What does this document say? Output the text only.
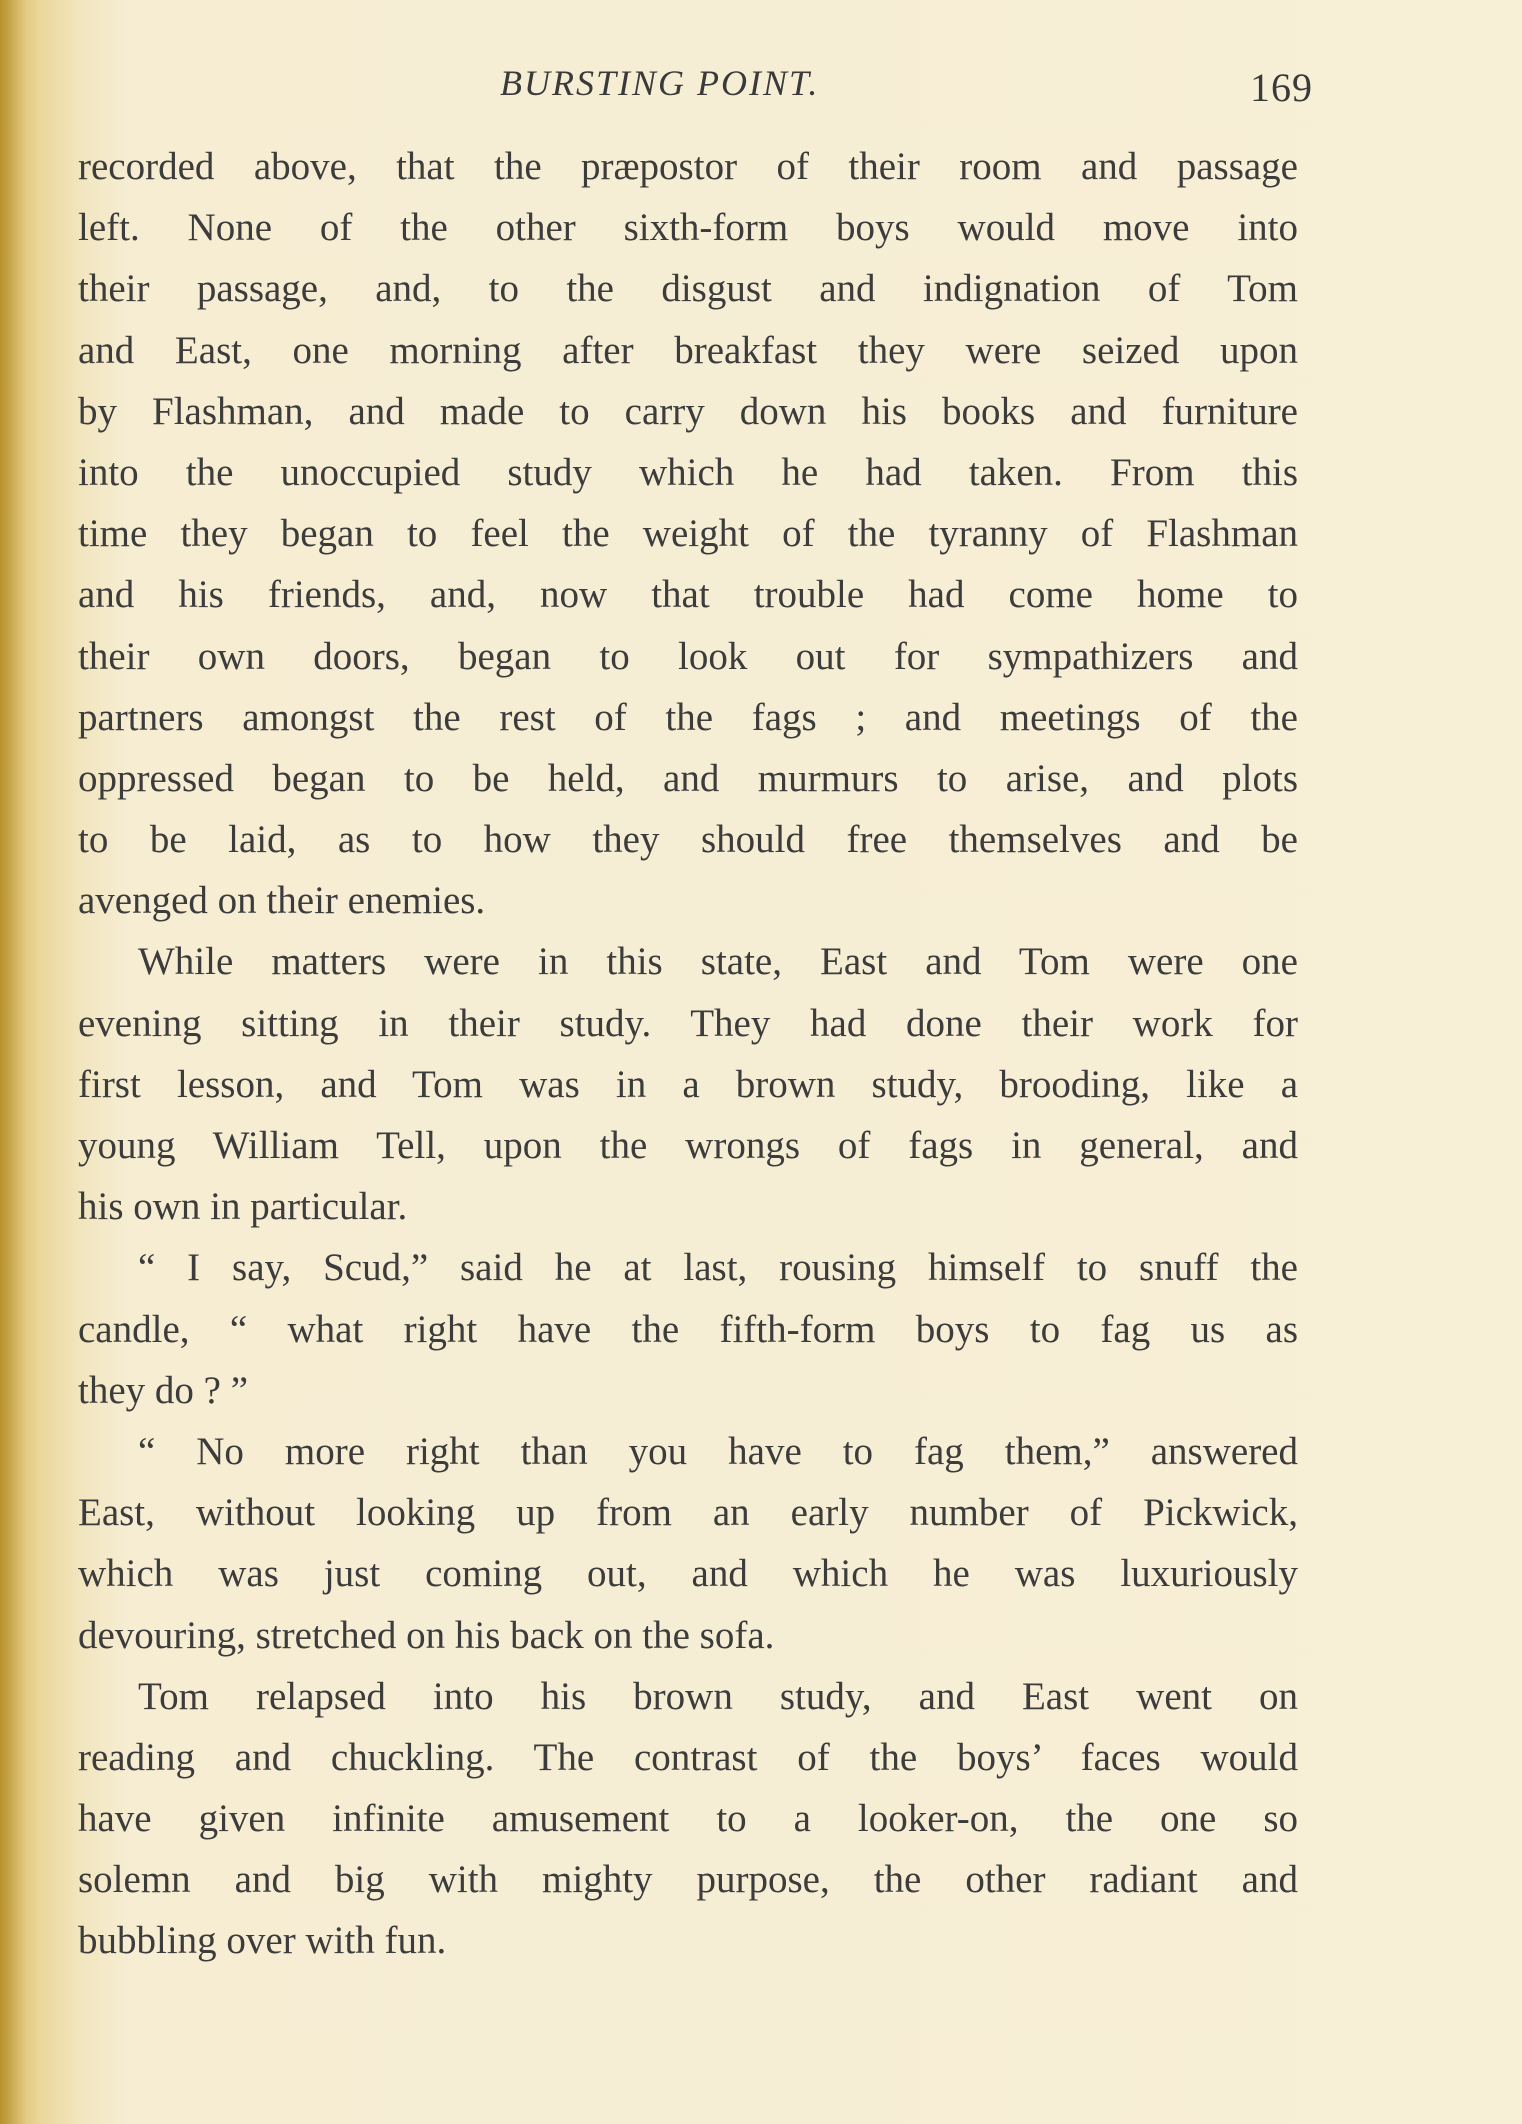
BURSTING POINT.	169
recorded above, that the præpostor of their room and passage
left. None of the other sixth-form boys would move into
their passage, and, to the disgust and indignation of Tom
and East, one morning after breakfast they were seized upon
by Flashman, and made to carry down his books and furniture
into the unoccupied study which he had taken. From this
time they began to feel the weight of the tyranny of Flashman
and his friends, and, now that trouble had come home to
their own doors, began to look out for sympathizers and
partners amongst the rest of the fags ; and meetings of the
oppressed began to be held, and murmurs to arise, and plots
to be laid, as to how they should free themselves and be
avenged on their enemies.
While matters were in this state, East and Tom were one
evening sitting in their study. They had done their work for
first lesson, and Tom was in a brown study, brooding, like a
young William Tell, upon the wrongs of fags in general, and
his own in particular.
“ I say, Scud,” said he at last, rousing himself to snuff the
candle, “ what right have the fifth-form boys to fag us as
they do ? ”
“ No more right than you have to fag them,” answered
East, without looking up from an early number of Pickwick,
which was just coming out, and which he was luxuriously
devouring, stretched on his back on the sofa.
Tom relapsed into his brown study, and East went on
reading and chuckling. The contrast of the boys’ faces would
have given infinite amusement to a looker-on, the one so
solemn and big with mighty purpose, the other radiant and
bubbling over with fun.
